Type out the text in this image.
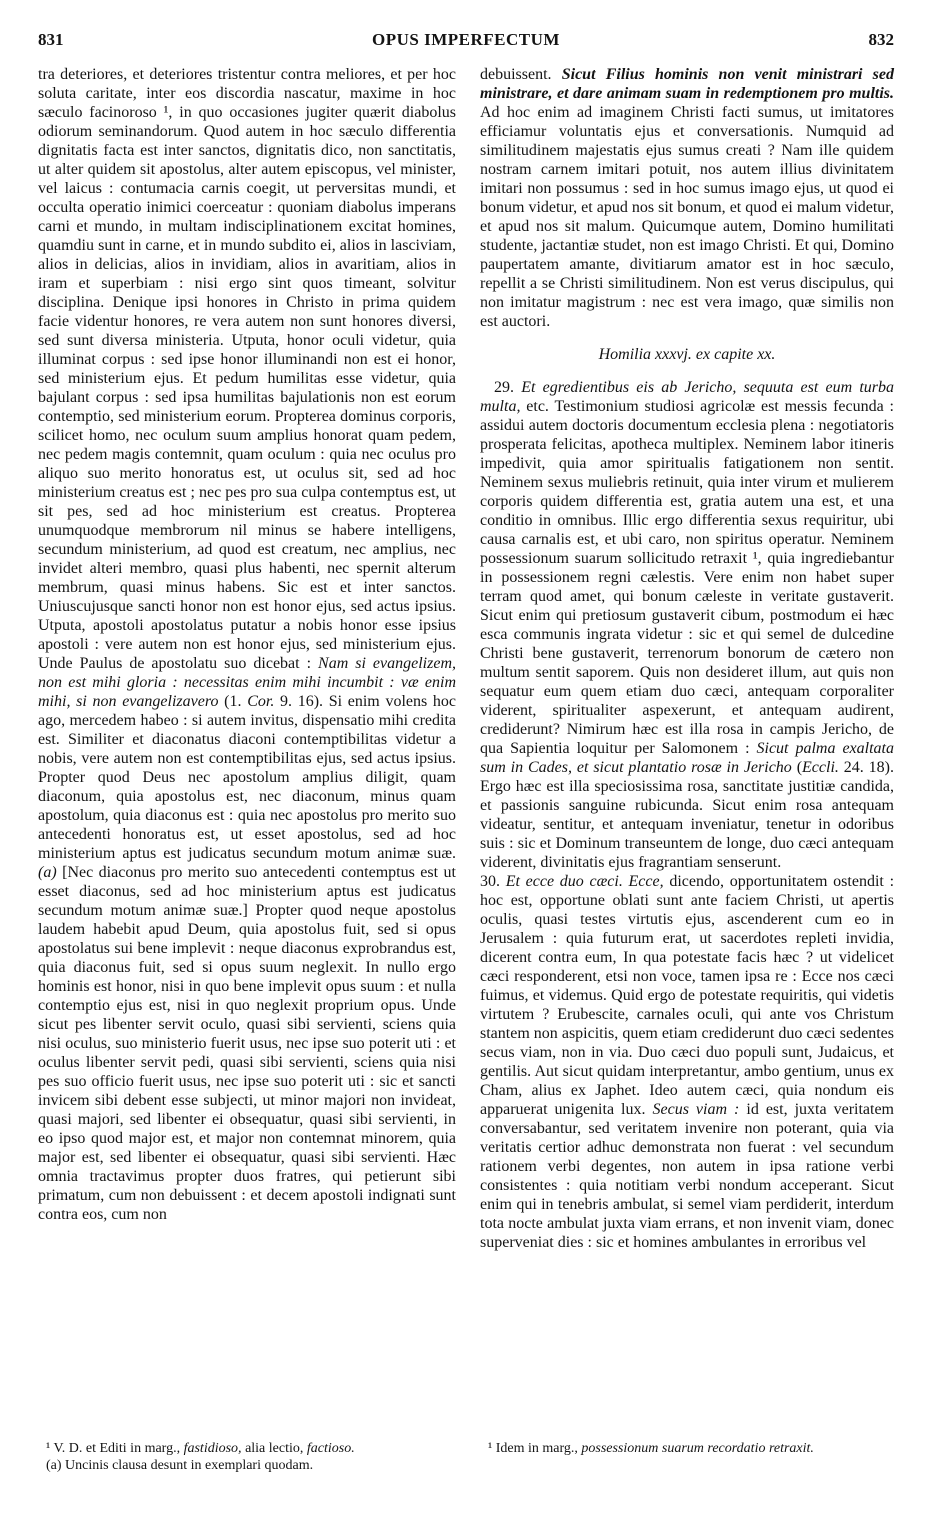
831	OPUS IMPERFECTUM	832

tra deteriores, et deteriores tristentur contra meliores, et per hoc soluta caritate, inter eos discordia nascatur, maxime in hoc sæculo facinoroso ¹, in quo occasiones jugiter quærit diabolus odiorum seminandorum. Quod autem in hoc sæculo differentia dignitatis facta est inter sanctos, dignitatis dico, non sanctitatis, ut alter quidem sit apostolus, alter autem episcopus, vel minister, vel laicus : contumacia carnis coegit, ut perversitas mundi, et occulta operatio inimici coerceatur : quoniam diabolus imperans carni et mundo, in multam indisciplinationem excitat homines, quamdiu sunt in carne, et in mundo subdito ei, alios in lasciviam, alios in delicias, alios in invidiam, alios in avaritiam, alios in iram et superbiam : nisi ergo sint quos timeant, solvitur disciplina. Denique ipsi honores in Christo in prima quidem facie videntur honores, re vera autem non sunt honores diversi, sed sunt diversa ministeria. Utputa, honor oculi videtur, quia illuminat corpus : sed ipse honor illuminandi non est ei honor, sed ministerium ejus. Et pedum humilitas esse videtur, quia bajulant corpus : sed ipsa humilitas bajulationis non est eorum contemptio, sed ministerium eorum. Propterea dominus corporis, scilicet homo, nec oculum suum amplius honorat quam pedem, nec pedem magis contemnit, quam oculum : quia nec oculus pro aliquo suo merito honoratus est, ut oculus sit, sed ad hoc ministerium creatus est ; nec pes pro sua culpa contemptus est, ut sit pes, sed ad hoc ministerium est creatus. Propterea unumquodque membrorum nil minus se habere intelligens, secundum ministerium, ad quod est creatum, nec amplius, nec invidet alteri membro, quasi plus habenti, nec spernit alterum membrum, quasi minus habens. Sic est et inter sanctos. Uniuscujusque sancti honor non est honor ejus, sed actus ipsius. Utputa, apostoli apostolatus putatur a nobis honor esse ipsius apostoli : vere autem non est honor ejus, sed ministerium ejus. Unde Paulus de apostolatu suo dicebat : Nam si evangelizem, non est mihi gloria : necessitas enim mihi incumbit : væ enim mihi, si non evangelizavero (1. Cor. 9. 16). Si enim volens hoc ago, mercedem habeo : si autem invitus, dispensatio mihi credita est. Similiter et diaconatus diaconi contemptibilitas videtur a nobis, vere autem non est contemptibilitas ejus, sed actus ipsius. Propter quod Deus nec apostolum amplius diligit, quam diaconum, quia apostolus est, nec diaconum, minus quam apostolum, quia diaconus est : quia nec apostolus pro merito suo antecedenti honoratus est, ut esset apostolus, sed ad hoc ministerium aptus est judicatus secundum motum animæ suæ. (a) [Nec diaconus pro merito suo antecedenti contemptus est ut esset diaconus, sed ad hoc ministerium aptus est judicatus secundum motum animæ suæ.] Propter quod neque apostolus laudem habebit apud Deum, quia apostolus fuit, sed si opus apostolatus sui bene implevit : neque diaconus exprobrandus est, quia diaconus fuit, sed si opus suum neglexit. In nullo ergo hominis est honor, nisi in quo bene implevit opus suum : et nulla contemptio ejus est, nisi in quo neglexit proprium opus. Unde sicut pes libenter servit oculo, quasi sibi servienti, sciens quia nisi oculus, suo ministerio fuerit usus, nec ipse suo poterit uti : et oculus libenter servit pedi, quasi sibi servienti, sciens quia nisi pes suo officio fuerit usus, nec ipse suo poterit uti : sic et sancti invicem sibi debent esse subjecti, ut minor majori non invideat, quasi majori, sed libenter ei obsequatur, quasi sibi servienti, in eo ipso quod major est, et major non contemnat minorem, quia major est, sed libenter ei obsequatur, quasi sibi servienti. Hæc omnia tractavimus propter duos fratres, qui petierunt sibi primatum, cum non debuissent : et decem apostoli indignati sunt contra eos, cum non

debuissent. Sicut Filius hominis non venit ministrari sed ministrare, et dare animam suam in redemptionem pro multis. Ad hoc enim ad imaginem Christi facti sumus, ut imitatores efficiamur voluntatis ejus et conversationis. Numquid ad similitudinem majestatis ejus sumus creati ? Nam ille quidem nostram carnem imitari potuit, nos autem illius divinitatem imitari non possumus : sed in hoc sumus imago ejus, ut quod ei bonum videtur, et apud nos sit bonum, et quod ei malum videtur, et apud nos sit malum. Quicumque autem, Domino humilitati studente, jactantiæ studet, non est imago Christi. Et qui, Domino paupertatem amante, divitiarum amator est in hoc sæculo, repellit a se Christi similitudinem. Non est verus discipulus, qui non imitatur magistrum : nec est vera imago, quæ similis non est auctori.

Homilia xxxvj. ex capite xx.

29. Et egredientibus eis ab Jericho, sequuta est eum turba multa, etc. Testimonium studiosi agricolæ est messis fecunda : assidui autem doctoris documentum ecclesia plena : negotiatoris prosperata felicitas, apotheca multiplex. Neminem labor itineris impedivit, quia amor spiritualis fatigationem non sentit. Neminem sexus muliebris retinuit, quia inter virum et mulierem corporis quidem differentia est, gratia autem una est, et una conditio in omnibus. Illic ergo differentia sexus requiritur, ubi causa carnalis est, et ubi caro, non spiritus operatur. Neminem possessionum suarum sollicitudo retraxit ¹, quia ingrediebantur in possessionem regni cælestis. Vere enim non habet super terram quod amet, qui bonum cæleste in veritate gustaverit. Sicut enim qui pretiosum gustaverit cibum, postmodum ei hæc esca communis ingrata videtur : sic et qui semel de dulcedine Christi bene gustaverit, terrenorum bonorum de cætero non multum sentit saporem. Quis non desideret illum, aut quis non sequatur eum quem etiam duo cæci, antequam corporaliter viderent, spiritualiter aspexerunt, et antequam audirent, crediderunt? Nimirum hæc est illa rosa in campis Jericho, de qua Sapientia loquitur per Salomonem : Sicut palma exaltata sum in Cades, et sicut plantatio rosæ in Jericho (Eccli. 24. 18). Ergo hæc est illa speciosissima rosa, sanctitate justitiæ candida, et passionis sanguine rubicunda. Sicut enim rosa antequam videatur, sentitur, et antequam inveniatur, tenetur in odoribus suis : sic et Dominum transeuntem de longe, duo cæci antequam viderent, divinitatis ejus fragrantiam senserunt.

30. Et ecce duo cæci. Ecce, dicendo, opportunitatem ostendit : hoc est, opportune oblati sunt ante faciem Christi, ut apertis oculis, quasi testes virtutis ejus, ascenderent cum eo in Jerusalem : quia futurum erat, ut sacerdotes repleti invidia, dicerent contra eum, In qua potestate facis hæc ? ut videlicet cæci responderent, etsi non voce, tamen ipsa re : Ecce nos cæci fuimus, et videmus. Quid ergo de potestate requiritis, qui videtis virtutem ? Erubescite, carnales oculi, qui ante vos Christum stantem non aspicitis, quem etiam crediderunt duo cæci sedentes secus viam, non in via. Duo cæci duo populi sunt, Judaicus, et gentilis. Aut sicut quidam interpretantur, ambo gentium, unus ex Cham, alius ex Japhet. Ideo autem cæci, quia nondum eis apparuerat unigenita lux. Secus viam : id est, juxta veritatem conversabantur, sed veritatem invenire non poterant, quia via veritatis certior adhuc demonstrata non fuerat : vel secundum rationem verbi degentes, non autem in ipsa ratione verbi consistentes : quia notitiam verbi nondum acceperant. Sicut enim qui in tenebris ambulat, si semel viam perdiderit, interdum tota nocte ambulat juxta viam errans, et non invenit viam, donec superveniat dies : sic et homines ambulantes in erroribus vel

¹ V. D. et Editi in marg., fastidioso, alia lectio, factioso.

(a) Uncinis clausa desunt in exemplari quodam.

¹ Idem in marg., possessionum suarum recordatio retraxit.
